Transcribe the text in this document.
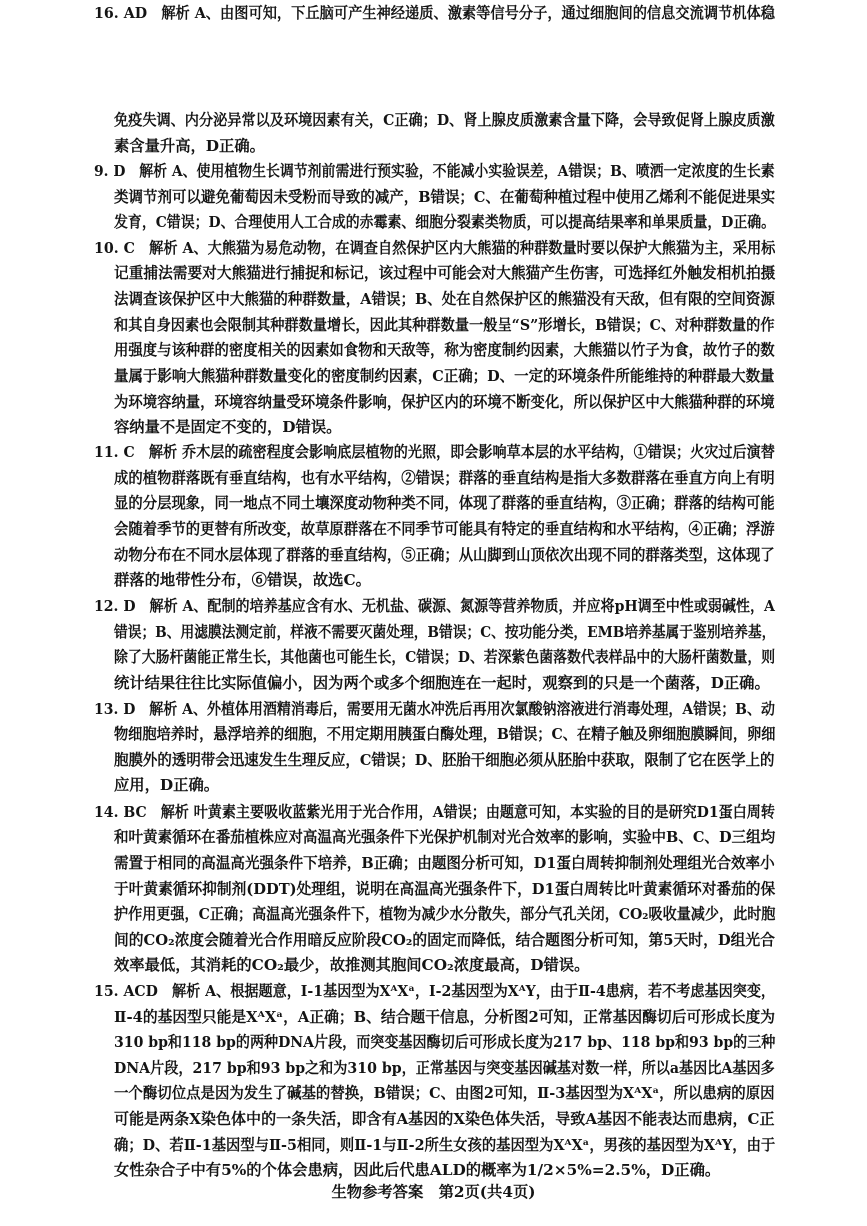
免疫失调、内分泌异常以及环境因素有关，C正确；D、肾上腺皮质激素含量下降，会导致促肾上腺皮质激
素含量升高，D正确。
9. D　解析 A、使用植物生长调节剂前需进行预实验，不能减小实验误差，A错误；B、喷洒一定浓度的生长素
类调节剂可以避免葡萄因未受粉而导致的减产，B错误；C、在葡萄种植过程中使用乙烯利不能促进果实
发育，C错误；D、合理使用人工合成的赤霉素、细胞分裂素类物质，可以提高结果率和单果质量，D正确。
10. C　解析 A、大熊猫为易危动物，在调查自然保护区内大熊猫的种群数量时要以保护大熊猫为主，采用标
记重捕法需要对大熊猫进行捕捉和标记，该过程中可能会对大熊猫产生伤害，可选择红外触发相机拍摄
法调查该保护区中大熊猫的种群数量，A错误；B、处在自然保护区的熊猫没有天敌，但有限的空间资源
和其自身因素也会限制其种群数量增长，因此其种群数量一般呈“S”形增长，B错误；C、对种群数量的作
用强度与该种群的密度相关的因素如食物和天敌等，称为密度制约因素，大熊猫以竹子为食，故竹子的数
量属于影响大熊猫种群数量变化的密度制约因素，C正确；D、一定的环境条件所能维持的种群最大数量
为环境容纳量，环境容纳量受环境条件影响，保护区内的环境不断变化，所以保护区中大熊猫种群的环境
容纳量不是固定不变的，D错误。
11. C　解析 乔木层的疏密程度会影响底层植物的光照，即会影响草本层的水平结构，①错误；火灾过后演替
成的植物群落既有垂直结构，也有水平结构，②错误；群落的垂直结构是指大多数群落在垂直方向上有明
显的分层现象，同一地点不同土壤深度动物种类不同，体现了群落的垂直结构，③正确；群落的结构可能
会随着季节的更替有所改变，故草原群落在不同季节可能具有特定的垂直结构和水平结构，④正确；浮游
动物分布在不同水层体现了群落的垂直结构，⑤正确；从山脚到山顶依次出现不同的群落类型，这体现了
群落的地带性分布，⑥错误，故选C。
12. D　解析 A、配制的培养基应含有水、无机盐、碳源、氮源等营养物质，并应将pH调至中性或弱碱性，A
错误；B、用滤膜法测定前，样液不需要灭菌处理，B错误；C、按功能分类，EMB培养基属于鉴别培养基，
除了大肠杆菌能正常生长，其他菌也可能生长，C错误；D、若深紫色菌落数代表样品中的大肠杆菌数量，则
统计结果往往比实际值偏小，因为两个或多个细胞连在一起时，观察到的只是一个菌落，D正确。
13. D　解析 A、外植体用酒精消毒后，需要用无菌水冲洗后再用次氯酸钠溶液进行消毒处理，A错误；B、动
物细胞培养时，悬浮培养的细胞，不用定期用胰蛋白酶处理，B错误；C、在精子触及卵细胞膜瞬间，卵细
胞膜外的透明带会迅速发生生理反应，C错误；D、胚胎干细胞必须从胚胎中获取，限制了它在医学上的
应用，D正确。
14. BC　解析 叶黄素主要吸收蓝紫光用于光合作用，A错误；由题意可知，本实验的目的是研究D1蛋白周转
和叶黄素循环在番茄植株应对高温高光强条件下光保护机制对光合效率的影响，实验中B、C、D三组均
需置于相同的高温高光强条件下培养，B正确；由题图分析可知，D1蛋白周转抑制剂处理组光合效率小
于叶黄素循环抑制剂(DDT)处理组，说明在高温高光强条件下，D1蛋白周转比叶黄素循环对番茄的保
护作用更强，C正确；高温高光强条件下，植物为减少水分散失，部分气孔关闭，CO₂吸收量减少，此时胞
间的CO₂浓度会随着光合作用暗反应阶段CO₂的固定而降低，结合题图分析可知，第5天时，D组光合
效率最低，其消耗的CO₂最少，故推测其胞间CO₂浓度最高，D错误。
15. ACD　解析 A、根据题意，Ⅰ-1基因型为XᴬXᵃ，Ⅰ-2基因型为XᴬY，由于Ⅱ-4患病，若不考虑基因突变，
Ⅱ-4的基因型只能是XᴬXᵃ，A正确；B、结合题干信息，分析图2可知，正常基因酶切后可形成长度为
310 bp和118 bp的两种DNA片段，而突变基因酶切后可形成长度为217 bp、118 bp和93 bp的三种
DNA片段，217 bp和93 bp之和为310 bp，正常基因与突变基因碱基对数一样，所以a基因比A基因多
一个酶切位点是因为发生了碱基的替换，B错误；C、由图2可知，Ⅱ-3基因型为XᴬXᵃ，所以患病的原因
可能是两条X染色体中的一条失活，即含有A基因的X染色体失活，导致A基因不能表达而患病，C正
确；D、若Ⅱ-1基因型与Ⅱ-5相同，则Ⅱ-1与Ⅱ-2所生女孩的基因型为XᴬXᵃ，男孩的基因型为XᴬY，由于
女性杂合子中有5%的个体会患病，因此后代患ALD的概率为1/2×5%=2.5%，D正确。
16. AD　解析 A、由图可知，下丘脑可产生神经递质、激素等信号分子，通过细胞间的信息交流调节机体稳
生物参考答案　第2页(共4页)
